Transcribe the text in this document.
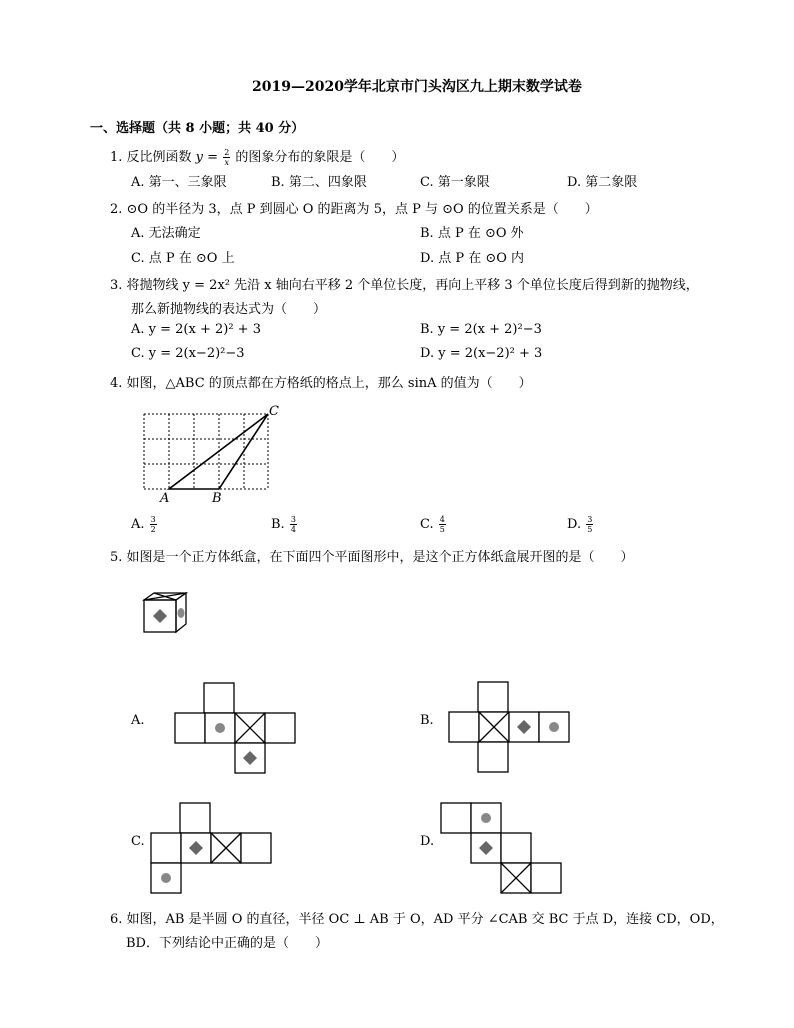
2019—2020学年北京市门头沟区九上期末数学试卷
一、选择题（共 8 小题；共 40 分）
1. 反比例函数 $y = \frac{2}{x}$ 的图象分布的象限是（　　）
A. 第一、三象限	B. 第二、四象限	C. 第一象限	D. 第二象限
2. ⊙O 的半径为 3，点 P 到圆心 O 的距离为 5，点 P 与 ⊙O 的位置关系是（　　）
A. 无法确定	B. 点 P 在 ⊙O 外
C. 点 P 在 ⊙O 上	D. 点 P 在 ⊙O 内
3. 将抛物线 y = 2x² 先沿 x 轴向右平移 2 个单位长度，再向上平移 3 个单位长度后得到新的抛物线，
那么新抛物线的表达式为（　　）
A. y = 2(x + 2)² + 3	B. y = 2(x + 2)²−3
C. y = 2(x−2)²−3	D. y = 2(x−2)² + 3
4. 如图，△ABC 的顶点都在方格纸的格点上，那么 sinA 的值为（　　）
A	B
C
A. $\frac{3}{2}$	B. $\frac{3}{4}$	C. $\frac{4}{5}$	D. $\frac{3}{5}$
5. 如图是一个正方体纸盒，在下面四个平面图形中，是这个正方体纸盒展开图的是（　　）
A.	B.
C.	D.
6. 如图，AB 是半圆 O 的直径，半径 OC ⊥ AB 于 O，AD 平分 ∠CAB 交 BC 于点 D，连接 CD，OD，
BD．下列结论中正确的是（　　）
